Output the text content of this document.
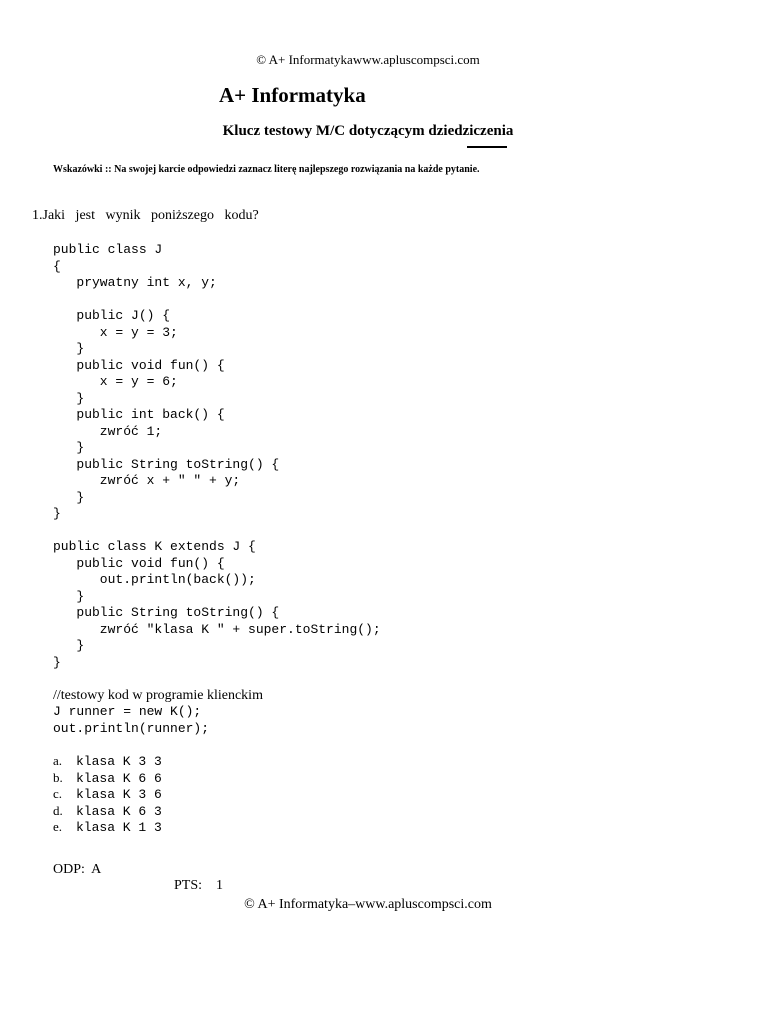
© A+ Informatykawww.apluscompsci.com
A+ Informatyka
Klucz testowy M/C dotyczącym dziedziczenia
Wskazówki :: Na swojej karcie odpowiedzi zaznacz literę najlepszego rozwiązania na każde pytanie.
1.Jaki   jest   wynik   poniższego   kodu?
public class J
{
prywatny int x, y;
public J() {
x = y = 3;
}
public void fun() {
x = y = 6;
}
public int back() {
zwróć 1;
}
public String toString() {
zwróć x + " " + y;
}
}
public class K extends J {
public void fun() {
out.println(back());
}
public String toString() {
zwróć "klasa K " + super.toString();
}
}
//testowy kod w programie klienckim
J runner = new K();
out.println(runner);
a.	klasa K 3 3
b.	klasa K 6 6
c.	klasa K 3 6
d.	klasa K 6 3
e.	klasa K 1 3

ODP:  A

PTS:    1

© A+ Informatyka–www.apluscompsci.com
